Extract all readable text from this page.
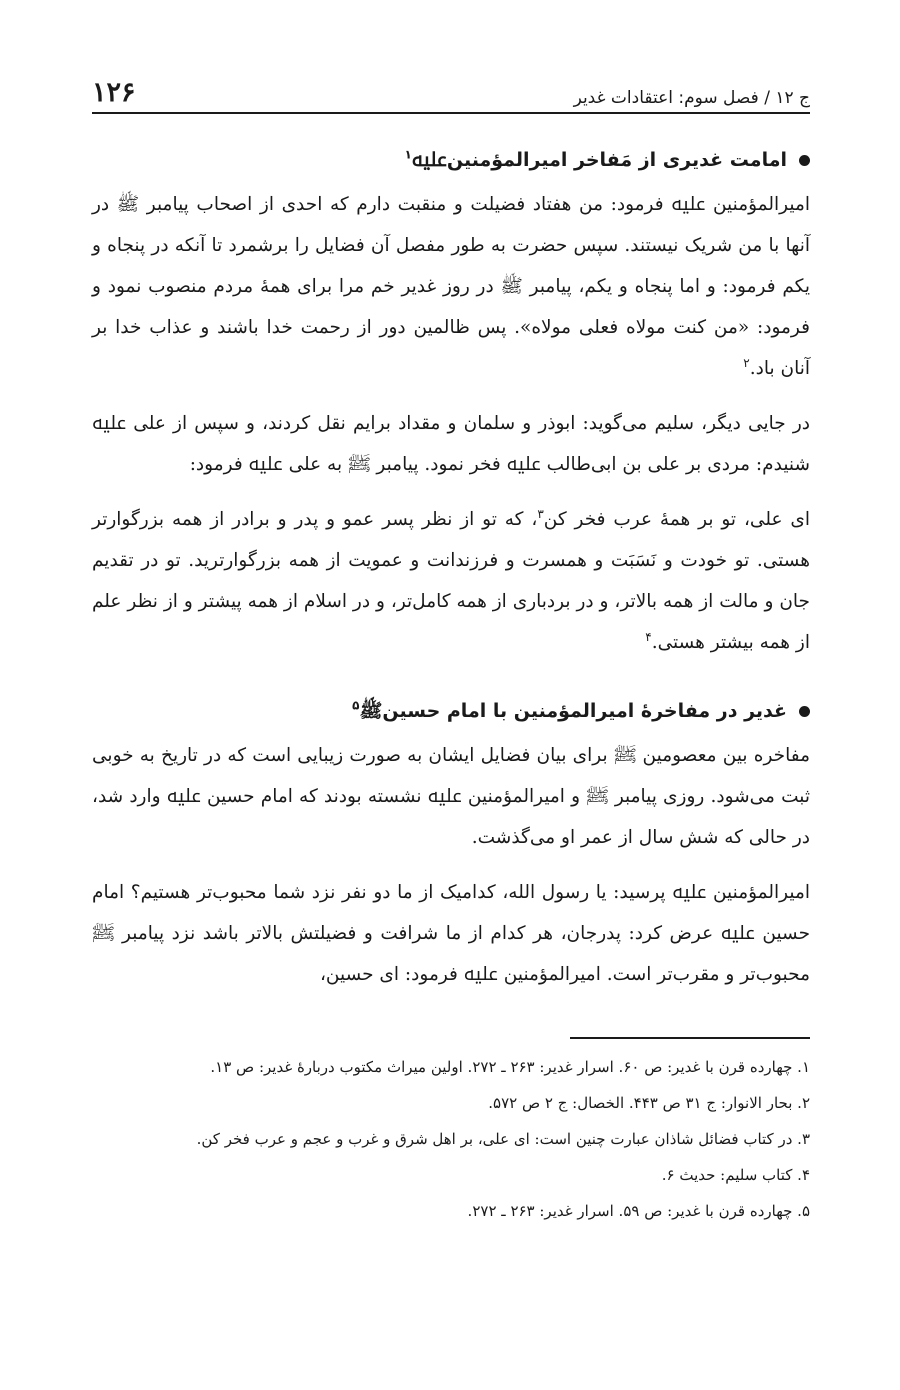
ج ۱۲ / فصل سوم: اعتقادات غدیر
۱۲۶
امامت غدیری از مَفاخر امیرالمؤمنینﷷ$^۱$

امیرالمؤمنین ﷷ فرمود: من هفتاد فضیلت و منقبت دارم که احدی از اصحاب پیامبر ﷺ در آنها با من شریک نیستند. سپس حضرت به طور مفصل آن فضایل را برشمرد تا آنکه در پنجاه و یکم فرمود: و اما پنجاه و یکم، پیامبر ﷺ در روز غدیر خم مرا برای همهٔ مردم منصوب نمود و فرمود: «من کنت مولاه فعلی مولاه». پس ظالمین دور از رحمت خدا باشند و عذاب خدا بر آنان باد.$^۲$

در جایی دیگر، سلیم می‌گوید: ابوذر و سلمان و مقداد برایم نقل کردند، و سپس از علی ﷷ شنیدم: مردی بر علی بن ابی‌طالب ﷷ فخر نمود. پیامبر ﷺ به علی ﷷ فرمود:

ای علی، تو بر همهٔ عرب فخر کن$^۳$، که تو از نظر پسر عمو و پدر و برادر از همه بزرگوارتر هستی. تو خودت و نَسَبَت و همسرت و فرزندانت و عمویت از همه بزرگوارترید. تو در تقدیم جان و مالت از همه بالاتر، و در بردباری از همه کامل‌تر، و در اسلام از همه پیشتر و از نظر علم از همه بیشتر هستی.$^۴$

غدیر در مفاخرهٔ امیرالمؤمنین با امام حسینﷺ$^۵$

مفاخره بین معصومین ﷺ برای بیان فضایل ایشان به صورت زیبایی است که در تاریخ به خوبی ثبت می‌شود. روزی پیامبر ﷺ و امیرالمؤمنین ﷷ نشسته بودند که امام حسین ﷷ وارد شد، در حالی که شش سال از عمر او می‌گذشت.

امیرالمؤمنین ﷷ پرسید: یا رسول الله، کدامیک از ما دو نفر نزد شما محبوب‌تر هستیم؟ امام حسین ﷷ عرض کرد: پدرجان، هر کدام از ما شرافت و فضیلتش بالاتر باشد نزد پیامبر ﷺ محبوب‌تر و مقرب‌تر است. امیرالمؤمنین ﷷ فرمود: ای حسین،

۱. چهارده قرن با غدیر: ص ۶۰. اسرار غدیر: ۲۶۳ ـ ۲۷۲. اولین میراث مکتوب دربارهٔ غدیر: ص ۱۳.

۲. بحار الانوار: ج ۳۱ ص ۴۴۳. الخصال: ج ۲ ص ۵۷۲.

۳. در کتاب فضائل شاذان عبارت چنین است: ای علی، بر اهل شرق و غرب و عجم و عرب فخر کن.

۴. کتاب سلیم: حدیث ۶.

۵. چهارده قرن با غدیر: ص ۵۹. اسرار غدیر: ۲۶۳ ـ ۲۷۲.
